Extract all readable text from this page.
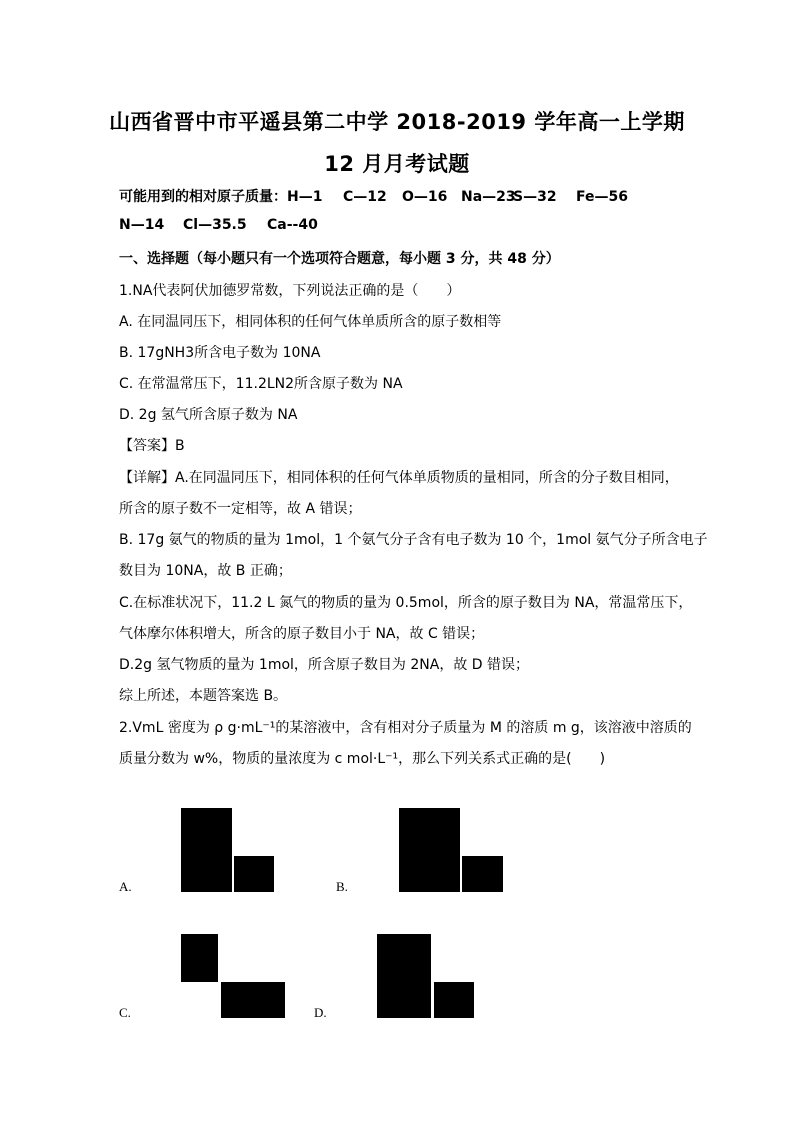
山西省晋中市平遥县第二中学 2018-2019 学年高一上学期
12 月月考试题
可能用到的相对原子质量：H—1 C—12 O—16 Na—23S—32 Fe—56
N—14 Cl—35.5 Ca--40
一、选择题（每小题只有一个选项符合题意，每小题 3 分，共 48 分）
1.NA代表阿伏加德罗常数，下列说法正确的是（　　）
A. 在同温同压下，相同体积的任何气体单质所含的原子数相等
B. 17gNH3所含电子数为 10NA
C. 在常温常压下，11.2LN2所含原子数为 NA
D. 2g 氢气所含原子数为 NA
【答案】B
【详解】A.在同温同压下，相同体积的任何气体单质物质的量相同，所含的分子数目相同，
所含的原子数不一定相等，故 A 错误；
B. 17g 氨气的物质的量为 1mol，1 个氨气分子含有电子数为 10 个，1mol 氨气分子所含电子
数目为 10NA，故 B 正确；
C.在标准状况下，11.2 L 氮气的物质的量为 0.5mol，所含的原子数目为 NA，常温常压下，
气体摩尔体积增大，所含的原子数目小于 NA，故 C 错误；
D.2g 氢气物质的量为 1mol，所含原子数目为 2NA，故 D 错误；
综上所述，本题答案选 B。
2.VmL 密度为 ρ g·mL⁻¹的某溶液中，含有相对分子质量为 M 的溶质 m g，该溶液中溶质的
质量分数为 w%，物质的量浓度为 c mol·L⁻¹，那么下列关系式正确的是(　　)
A.	B.
C.	D.
